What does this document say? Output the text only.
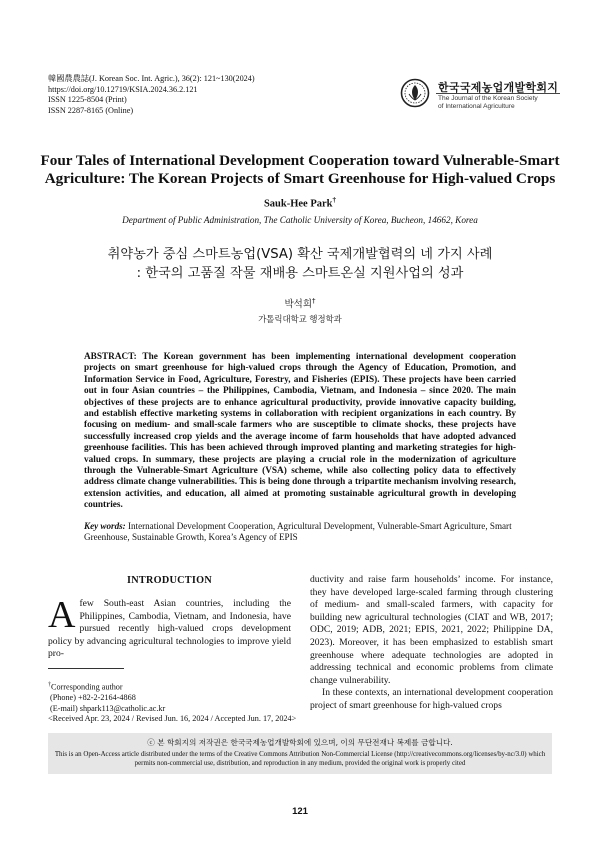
韓國農農誌(J. Korean Soc. Int. Agric.), 36(2): 121~130(2024)
https://doi.org/10.12719/KSIA.2024.36.2.121
ISSN 1225-8504 (Print)
ISSN 2287-8165 (Online)
한국국제농업개발학회지
The Journal of the Korean Society
of International Agriculture
Four Tales of International Development Cooperation toward Vulnerable-Smart
Agriculture: The Korean Projects of Smart Greenhouse for High-valued Crops
Sauk-Hee Park†
Department of Public Administration, The Catholic University of Korea, Bucheon, 14662, Korea
취약농가 중심 스마트농업(VSA) 확산 국제개발협력의 네 가지 사례
: 한국의 고품질 작물 재배용 스마트온실 지원사업의 성과
박석희†
가톨릭대학교 행정학과
ABSTRACT: The Korean government has been implementing international development cooperation projects on smart greenhouse for high-valued crops through the Agency of Education, Promotion, and Information Service in Food, Agriculture, Forestry, and Fisheries (EPIS). These projects have been carried out in four Asian countries – the Philippines, Cambodia, Vietnam, and Indonesia – since 2020. The main objectives of these projects are to enhance agricultural productivity, provide innovative capacity building, and establish effective marketing systems in collaboration with recipient organizations in each country. By focusing on medium- and small-scale farmers who are susceptible to climate shocks, these projects have successfully increased crop yields and the average income of farm households that have adopted advanced greenhouse facilities. This has been achieved through improved planting and marketing strategies for high-valued crops. In summary, these projects are playing a crucial role in the modernization of agriculture through the Vulnerable-Smart Agriculture (VSA) scheme, while also collecting policy data to effectively address climate change vulnerabilities. This is being done through a tripartite mechanism involving research, extension activities, and education, all aimed at promoting sustainable agricultural growth in developing countries.
Key words: International Development Cooperation, Agricultural Development, Vulnerable-Smart Agriculture, Smart Greenhouse, Sustainable Growth, Korea’s Agency of EPIS
INTRODUCTION
Afew South-east Asian countries, including the Philippines, Cambodia, Vietnam, and Indonesia, have pursued recently high-valued crops development policy by advancing agricultural technologies to improve yield pro-
†Corresponding author
(Phone) +82-2-2164-4868
(E-mail) shpark113@catholic.ac.kr
<Received Apr. 23, 2024 / Revised Jun. 16, 2024 / Accepted Jun. 17, 2024>
ductivity and raise farm households’ income. For instance, they have developed large-scaled farming through clustering of medium- and small-scaled farmers, with capacity for building new agricultural technologies (CIAT and WB, 2017; ODC, 2019; ADB, 2021; EPIS, 2021, 2022; Philippine DA, 2023). Moreover, it has been emphasized to establish smart greenhouse where adequate technologies are adopted in addressing technical and economic problems from climate change vulnerability.
In these contexts, an international development cooperation project of smart greenhouse for high-valued crops
ⓒ 본 학회지의 저작권은 한국국제농업개발학회에 있으며, 이의 무단전재나 복제를 금합니다.
This is an Open-Access article distributed under the terms of the Creative Commons Attribution Non-Commercial License (http://creativecommons.org/licenses/by-nc/3.0) which permits non-commercial use, distribution, and reproduction in any medium, provided the original work is properly cited
121
